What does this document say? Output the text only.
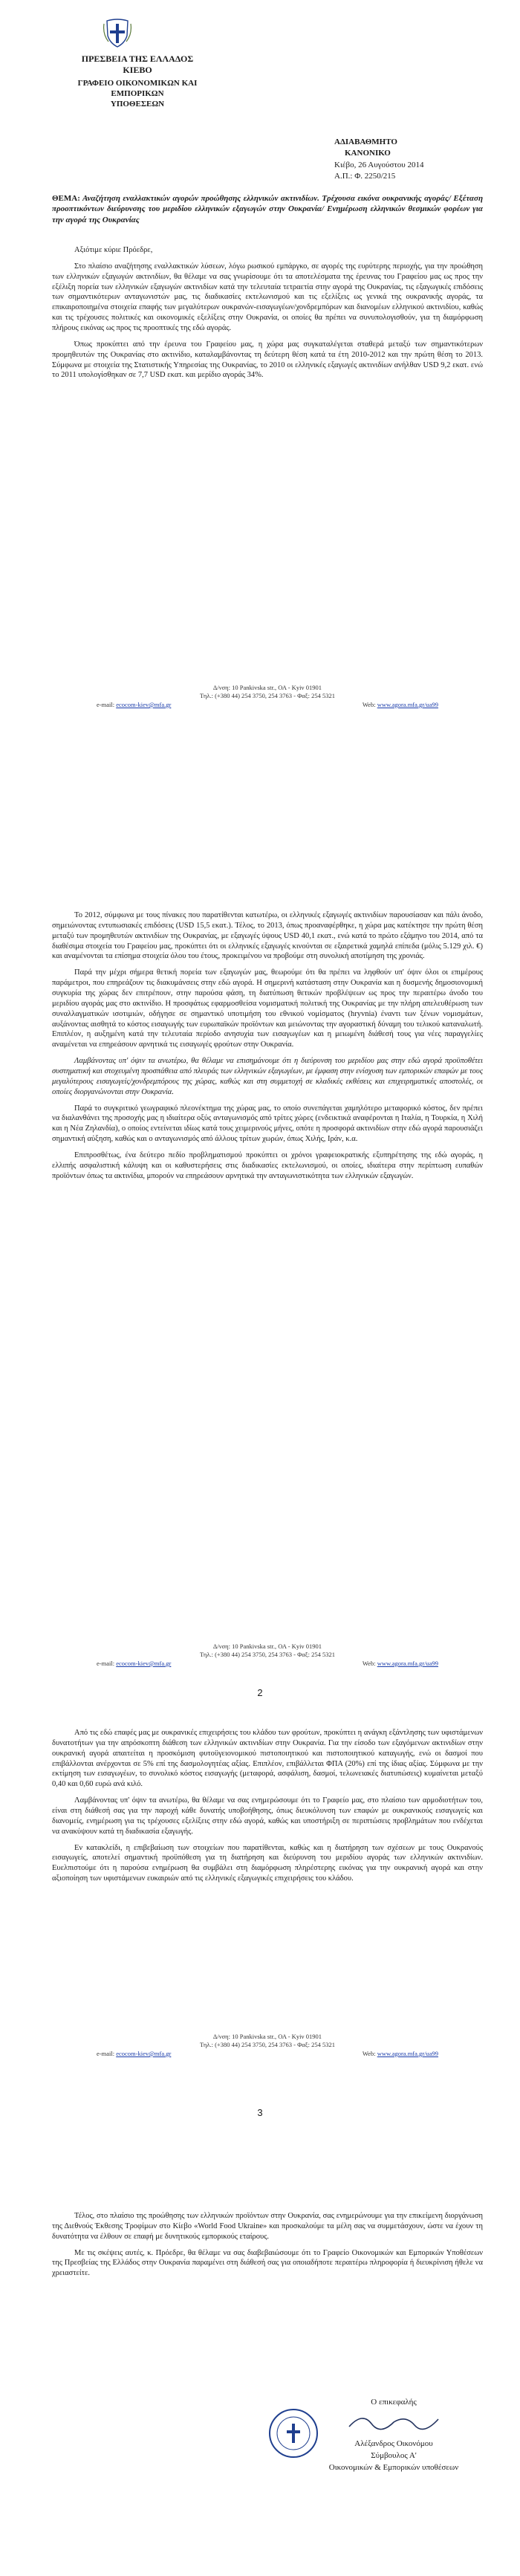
ΠΡΕΣΒΕΙΑ ΤΗΣ ΕΛΛΑΔΟΣ
ΚΙΕΒΟ
ΓΡΑΦΕΙΟ ΟΙΚΟΝΟΜΙΚΩΝ ΚΑΙ ΕΜΠΟΡΙΚΩΝ
ΥΠΟΘΕΣΕΩΝ
ΑΔΙΑΒΑΘΜΗΤΟ
ΚΑΝΟΝΙΚΟ
Κιέβο, 26 Αυγούστου 2014
Α.Π.: Φ. 2250/215
ΘΕΜΑ: Αναζήτηση εναλλακτικών αγορών προώθησης ελληνικών ακτινιδίων. Τρέχουσα εικόνα ουκρανικής αγοράς/ Εξέταση προοπτικόντων διεύρυνσης του μεριδίου ελληνικών εξαγωγών στην Ουκρανία/ Ενημέρωση ελληνικών θεσμικών φορέων για την αγορά της Ουκρανίας

Αξιότιμε κύριε Πρόεδρε,

Στο πλαίσιο αναζήτησης εναλλακτικών λύσεων, λόγω ρωσικού εμπάργκο, σε αγορές της ευρύτερης περιοχής, για την προώθηση των ελληνικών εξαγωγών ακτινιδίων, θα θέλαμε να σας γνωρίσουμε ότι τα αποτελέσματα της έρευνας του Γραφείου μας ως προς την εξέλιξη πορεία των ελληνικών εξαγωγών ακτινιδίων κατά την τελευταία τετραετία στην αγορά της Ουκρανίας, τις εξαγωγικές επιδόσεις των σημαντικότερων ανταγωνιστών μας, τις διαδικασίες εκτελωνισμού και τις εξελίξεις ως γενικά της ουκρανικής αγοράς, τα επικαιροποιημένα στοιχεία επαφής των μεγαλύτερων ουκρανών-εισαγωγέων/χονδρεμπόρων και διανομέων ελληνικού ακτινιδίου, καθώς και τις τρέχουσες πολιτικές και οικονομικές εξελίξεις στην Ουκρανία, οι οποίες θα πρέπει να συνυπολογισθούν, για τη διαμόρφωση πλήρους εικόνας ως προς τις προοπτικές της εδώ αγοράς.

Όπως προκύπτει από την έρευνα του Γραφείου μας, η χώρα μας συγκαταλέγεται σταθερά μεταξύ των σημαντικότερων προμηθευτών της Ουκρανίας στο ακτινίδιο, καταλαμβάνοντας τη δεύτερη θέση κατά τα έτη 2010-2012 και την πρώτη θέση το 2013. Σύμφωνα με στοιχεία της Στατιστικής Υπηρεσίας της Ουκρανίας, το 2010 οι ελληνικές εξαγωγές ακτινιδίων ανήλθαν USD 9,2 εκατ. ενώ το 2011 υπολογίσθηκαν σε 7,7 USD εκατ. και μερίδιο αγοράς 34%.

Δ/νση: 10 Pankivska str., ΟΑ - Κyiv 01901
Τηλ.: (+380 44) 254 3750, 254 3763 - Φαξ: 254 5321
e-mail: ecocom-kiev@mfa.gr	Web: www.agora.mfa.gr/ua99

Το 2012, σύμφωνα με τους πίνακες που παρατίθενται κατωτέρω, οι ελληνικές εξαγωγές ακτινιδίων παρουσίασαν και πάλι άνοδο, σημειώνοντας εντυπωσιακές επιδόσεις (USD 15,5 εκατ.). Τέλος, το 2013, όπως προαναφέρθηκε, η χώρα μας κατέκτησε την πρώτη θέση μεταξύ των προμηθευτών ακτινιδίων της Ουκρανίας, με εξαγωγές ύψους USD 40,1 εκατ., ενώ κατά το πρώτο εξάμηνο του 2014, από τα διαθέσιμα στοιχεία του Γραφείου μας, προκύπτει ότι οι ελληνικές εξαγωγές κινούνται σε εξαιρετικά χαμηλά επίπεδα (μόλις 5.129 χιλ. €) και αναμένονται τα επίσημα στοιχεία όλου του έτους, προκειμένου να προβούμε στη συνολική αποτίμηση της χρονιάς.

Παρά την μέχρι σήμερα θετική πορεία των εξαγωγών μας, θεωρούμε ότι θα πρέπει να ληφθούν υπ' όψιν όλοι οι επιμέρους παράμετροι, που επηρεάζουν τις διακυμάνσεις στην εδώ αγορά. Η σημερινή κατάσταση στην Ουκρανία και η δυσμενής δημοσιονομική συγκυρία της χώρας δεν επιτρέπουν, στην παρούσα φάση, τη διατύπωση θετικών προβλέψεων ως προς την περαιτέρω άνοδο του μεριδίου αγοράς μας στο ακτινίδιο. Η προσφάτως εφαρμοσθείσα νομισματική πολιτική της Ουκρανίας με την πλήρη απελευθέρωση των συναλλαγματικών ισοτιμιών, οδήγησε σε σημαντικό υποτιμήση του εθνικού νομίσματος (hryvnia) έναντι των ξένων νομισμάτων, αυξάνοντας αισθητά το κόστος εισαγωγής των ευρωπαϊκών προϊόντων και μειώνοντας την αγοραστική δύναμη του τελικού καταναλωτή. Επιπλέον, η αυξημένη κατά την τελευταία περίοδο ανησυχία των εισαγωγέων και η μειωμένη διάθεσή τους για νέες παραγγελίες αναμένεται να επηρεάσουν αρνητικά τις εισαγωγές φρούτων στην Ουκρανία.

Λαμβάνοντας υπ' όψιν τα ανωτέρω, θα θέλαμε να επισημάνουμε ότι η διεύρυνση του μεριδίου μας στην εδώ αγορά προϋποθέτει συστηματική και στοχευμένη προσπάθεια από πλευράς των ελληνικών εξαγωγέων, με έμφαση στην ενίσχυση των εμπορικών επαφών με τους μεγαλύτερους εισαγωγείς/χονδρεμπόρους της χώρας, καθώς και στη συμμετοχή σε κλαδικές εκθέσεις και επιχειρηματικές αποστολές, οι οποίες διοργανώνονται στην Ουκρανία.

Παρά το συγκριτικό γεωγραφικό πλεονέκτημα της χώρας μας, το οποίο συνεπάγεται χαμηλότερο μεταφορικό κόστος, δεν πρέπει να διαλανθάνει της προσοχής μας η ιδιαίτερα οξύς ανταγωνισμός από τρίτες χώρες (ενδεικτικά αναφέρονται η Ιταλία, η Τουρκία, η Χιλή και η Νέα Ζηλανδία), ο οποίος εντείνεται ιδίως κατά τους χειμερινούς μήνες, οπότε η προσφορά ακτινιδίων στην εδώ αγορά παρουσιάζει σημαντική αύξηση, καθώς και ο ανταγωνισμός από άλλους τρίτων χωρών, όπως Χιλής, Ιράν, κ.α.

Επιπροσθέτως, ένα δεύτερο πεδίο προβληματισμού προκύπτει οι χρόνοι γραφειοκρατικής εξυπηρέτησης της εδώ αγοράς, η ελλιπής ασφαλιστική κάλυψη και οι καθυστερήσεις στις διαδικασίες εκτελωνισμού, οι οποίες, ιδιαίτερα στην περίπτωση ευπαθών προϊόντων όπως τα ακτινίδια, μπορούν να επηρεάσουν αρνητικά την ανταγωνιστικότητα των ελληνικών εξαγωγών.

Δ/νση: 10 Pankivska str., ΟΑ - Κyiv 01901
Τηλ.: (+380 44) 254 3750, 254 3763 - Φαξ: 254 5321
e-mail: ecocom-kiev@mfa.gr	Web: www.agora.mfa.gr/ua99
2

Από τις εδώ επαφές μας με ουκρανικές επιχειρήσεις του κλάδου των φρούτων, προκύπτει η ανάγκη εξάντλησης των υφιστάμενων δυνατοτήτων για την απρόσκοπτη διάθεση των ελληνικών ακτινιδίων στην Ουκρανία. Για την είσοδο των εξαγόμενων ακτινιδίων στην ουκρανική αγορά απαιτείται η προσκόμιση φυτοϋγειονομικού πιστοποιητικού και πιστοποιητικού καταγωγής, ενώ οι δασμοί που επιβάλλονται ανέρχονται σε 5% επί της δασμολογητέας αξίας. Επιπλέον, επιβάλλεται ΦΠΑ (20%) επί της ίδιας αξίας. Σύμφωνα με την εκτίμηση των εισαγωγέων, το συνολικό κόστος εισαγωγής (μεταφορά, ασφάλιση, δασμοί, τελωνειακές διατυπώσεις) κυμαίνεται μεταξύ 0,40 και 0,60 ευρώ ανά κιλό.

Λαμβάνοντας υπ' όψιν τα ανωτέρω, θα θέλαμε να σας ενημερώσουμε ότι το Γραφείο μας, στο πλαίσιο των αρμοδιοτήτων του, είναι στη διάθεσή σας για την παροχή κάθε δυνατής υποβοήθησης, όπως διευκόλυνση των επαφών με ουκρανικούς εισαγωγείς και διανομείς, ενημέρωση για τις τρέχουσες εξελίξεις στην εδώ αγορά, καθώς και υποστήριξη σε περιπτώσεις προβλημάτων που ενδέχεται να ανακύψουν κατά τη διαδικασία εξαγωγής.

Εν κατακλείδι, η επιβεβαίωση των στοιχείων που παρατίθενται, καθώς και η διατήρηση των σχέσεων με τους Ουκρανούς εισαγωγείς, αποτελεί σημαντική προϋπόθεση για τη διατήρηση και διεύρυνση του μεριδίου αγοράς των ελληνικών ακτινιδίων. Ευελπιστούμε ότι η παρούσα ενημέρωση θα συμβάλει στη διαμόρφωση πληρέστερης εικόνας για την ουκρανική αγορά και στην αξιοποίηση των υφιστάμενων ευκαιριών από τις ελληνικές εξαγωγικές επιχειρήσεις του κλάδου.

Δ/νση: 10 Pankivska str., ΟΑ - Κyiv 01901
Τηλ.: (+380 44) 254 3750, 254 3763 - Φαξ: 254 5321
e-mail: ecocom-kiev@mfa.gr	Web: www.agora.mfa.gr/ua99
3

Τέλος, στο πλαίσιο της προώθησης των ελληνικών προϊόντων στην Ουκρανία, σας ενημερώνουμε για την επικείμενη διοργάνωση της Διεθνούς Έκθεσης Τροφίμων στο Κίεβο «World Food Ukraine» και προσκαλούμε τα μέλη σας να συμμετάσχουν, ώστε να έχουν τη δυνατότητα να έλθουν σε επαφή με δυνητικούς εμπορικούς εταίρους.

Με τις σκέψεις αυτές, κ. Πρόεδρε, θα θέλαμε να σας διαβεβαιώσουμε ότι το Γραφείο Οικονομικών και Εμπορικών Υποθέσεων της Πρεσβείας της Ελλάδος στην Ουκρανία παραμένει στη διάθεσή σας για οποιαδήποτε περαιτέρω πληροφορία ή διευκρίνιση ήθελε να χρειαστείτε.

Ο επικεφαλής
Αλέξανδρος Οικονόμου
Σύμβουλος Α'
Οικονομικών & Εμπορικών υποθέσεων
